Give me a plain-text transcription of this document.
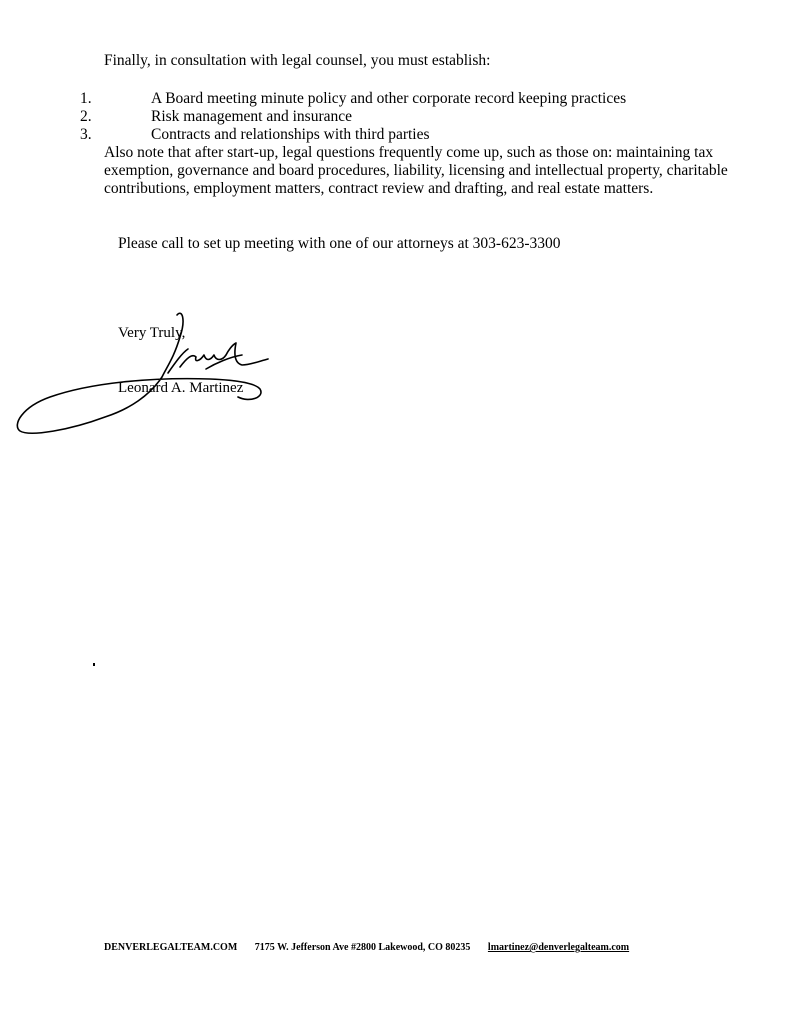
Finally, in consultation with legal counsel, you must establish:
1.	A Board meeting minute policy and other corporate record keeping practices
2.	Risk management and insurance
3.	Contracts and relationships with third parties
Also note that after start-up, legal questions frequently come up, such as those on: maintaining tax exemption, governance and board procedures, liability, licensing and intellectual property, charitable contributions, employment matters, contract review and drafting, and real estate matters.
Please call to set up meeting with one of our attorneys at 303-623-3300
Very Truly,
Leonard A. Martinez
DENVERLEGALTEAM.COM 7175 W. Jefferson Ave #2800 Lakewood, CO 80235 lmartinez@denverlegalteam.com
